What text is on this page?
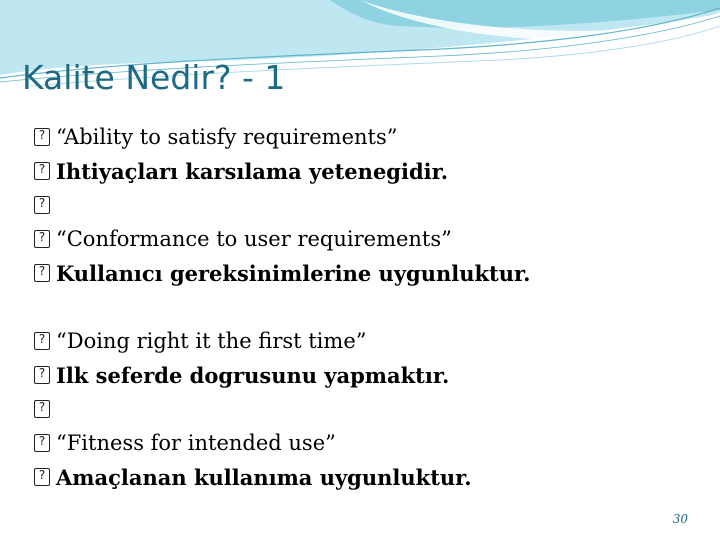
Kalite Nedir? - 1
?
“Ability to satisfy requirements”
?
Ihtiyaçları karsılama yetenegidir.
?
?
“Conformance to user requirements”
?
Kullanıcı gereksinimlerine uygunluktur.
?
“Doing right it the first time”
?
Ilk seferde dogrusunu yapmaktır.
?
?
“Fitness for intended use”
?
Amaçlanan kullanıma uygunluktur.
30
